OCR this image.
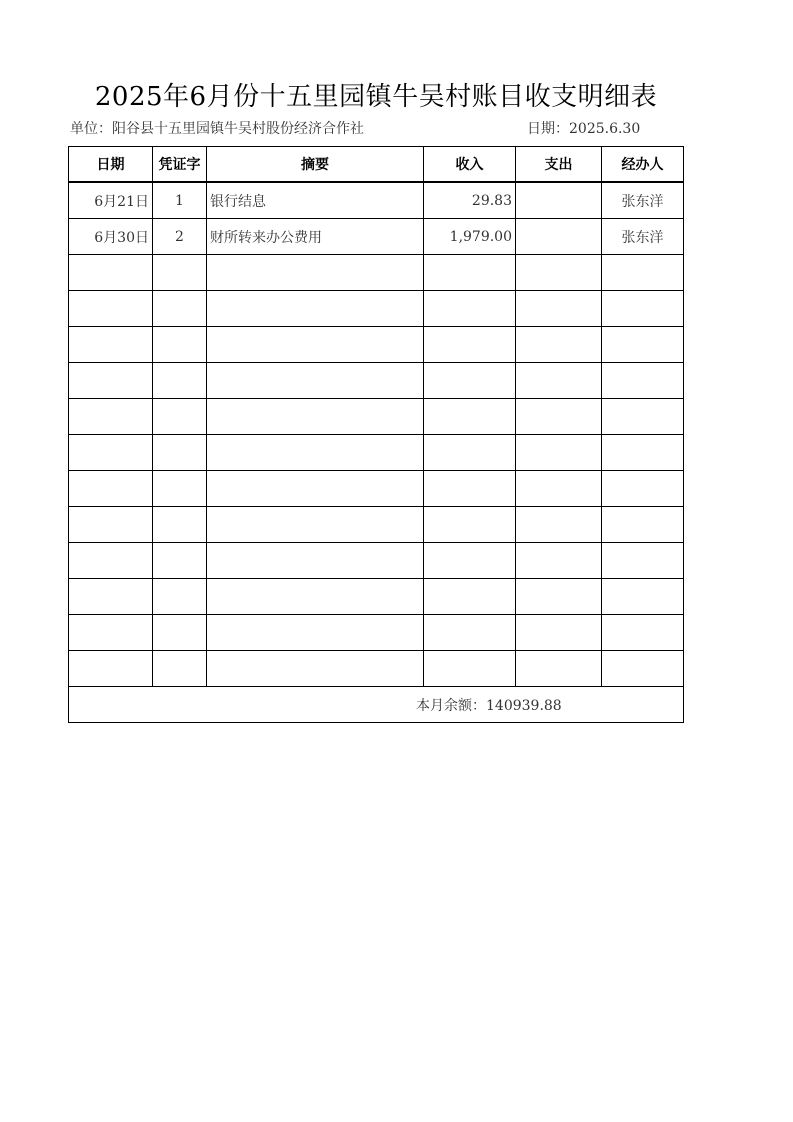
2025年6月份十五里园镇牛吴村账目收支明细表
单位：阳谷县十五里园镇牛吴村股份经济合作社	日期：2025.6.30
日期	凭证字	摘要	收入	支出	经办人
6月21日	1	银行结息	29.83		张东洋
6月30日	2	财所转来办公费用	1,979.00		张东洋

本月余额：140939.88					
